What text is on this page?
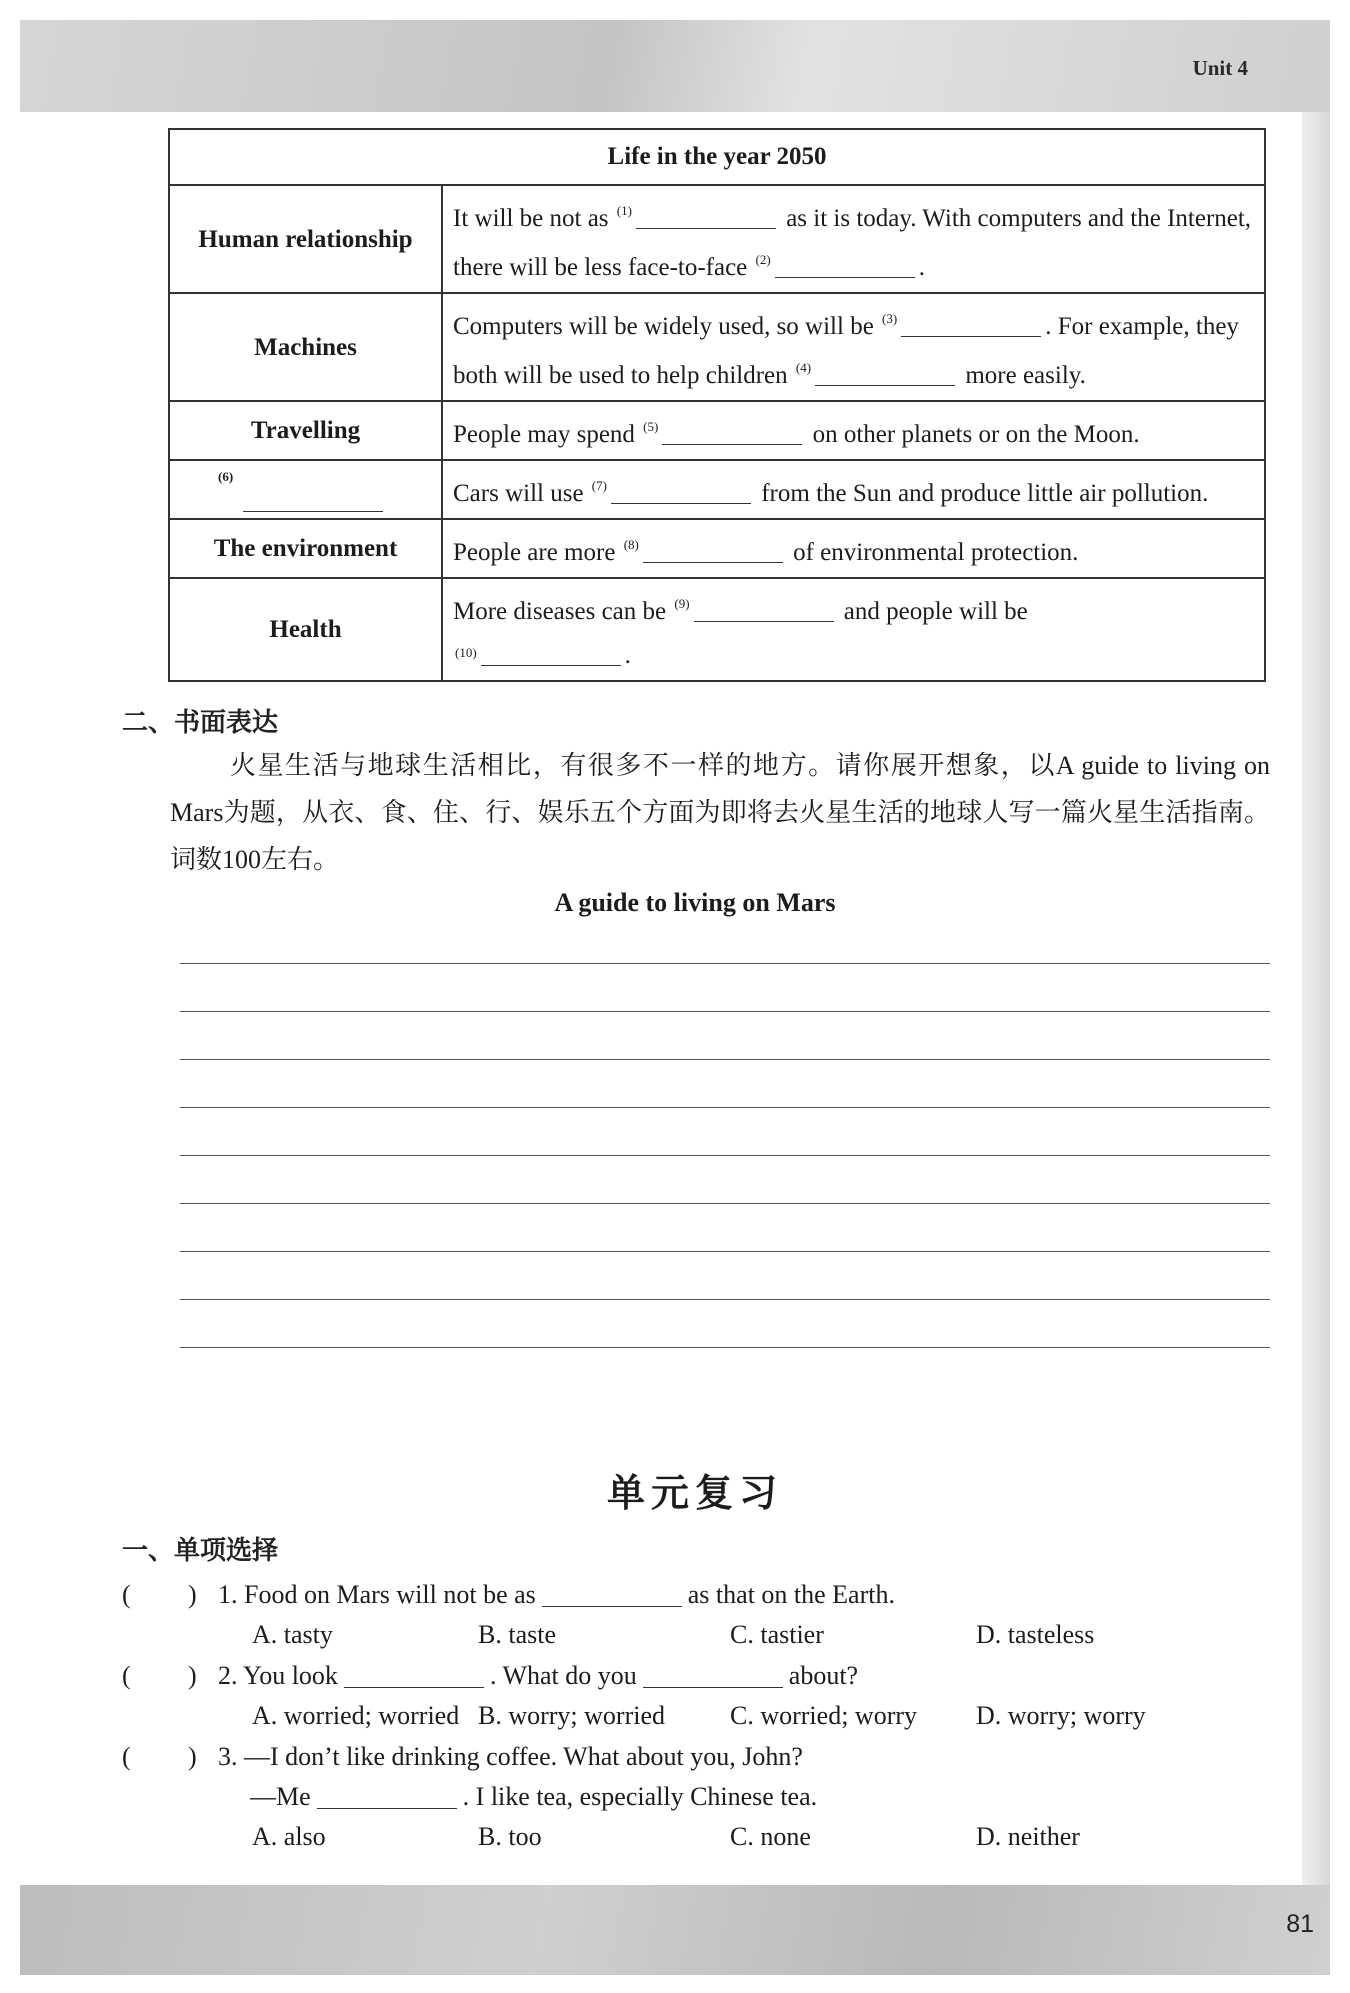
Unit 4
81
Life in the year 2050	
Human relationship	It will be not as $^{(1)}$ as it is today. With computers and the Internet, there will be less face-to-face $^{(2)}$ .
Machines	Computers will be widely used, so will be $^{(3)}$ . For example, they both will be used to help children $^{(4)}$ more easily.
Travelling	People may spend $^{(5)}$ on other planets or on the Moon.

(6)	Cars will use $^{(7)}$ from the Sun and produce little air pollution.
The environment	People are more $^{(8)}$ of environmental protection.
Health	More diseases can be $^{(9)}$ and people will be
$^{(10)}$ .
二、书面表达
火星生活与地球生活相比，有很多不一样的地方。请你展开想象，以A guide to living on Mars为题，从衣、食、住、行、娱乐五个方面为即将去火星生活的地球人写一篇火星生活指南。词数100左右。
A guide to living on Mars
单元复习
一、单项选择
( ) 1. Food on Mars will not be as	as that on the Earth.
A. tasty	B. taste	C. tastier	D. tasteless
( ) 2. You look	. What do you	about?
A. worried; worried B. worry; worried C. worried; worry D. worry; worry
( ) 3. —I don’t like drinking coffee. What about you, John?
—Me	. I like tea, especially Chinese tea.
A. also	B. too	C. none	D. neither
